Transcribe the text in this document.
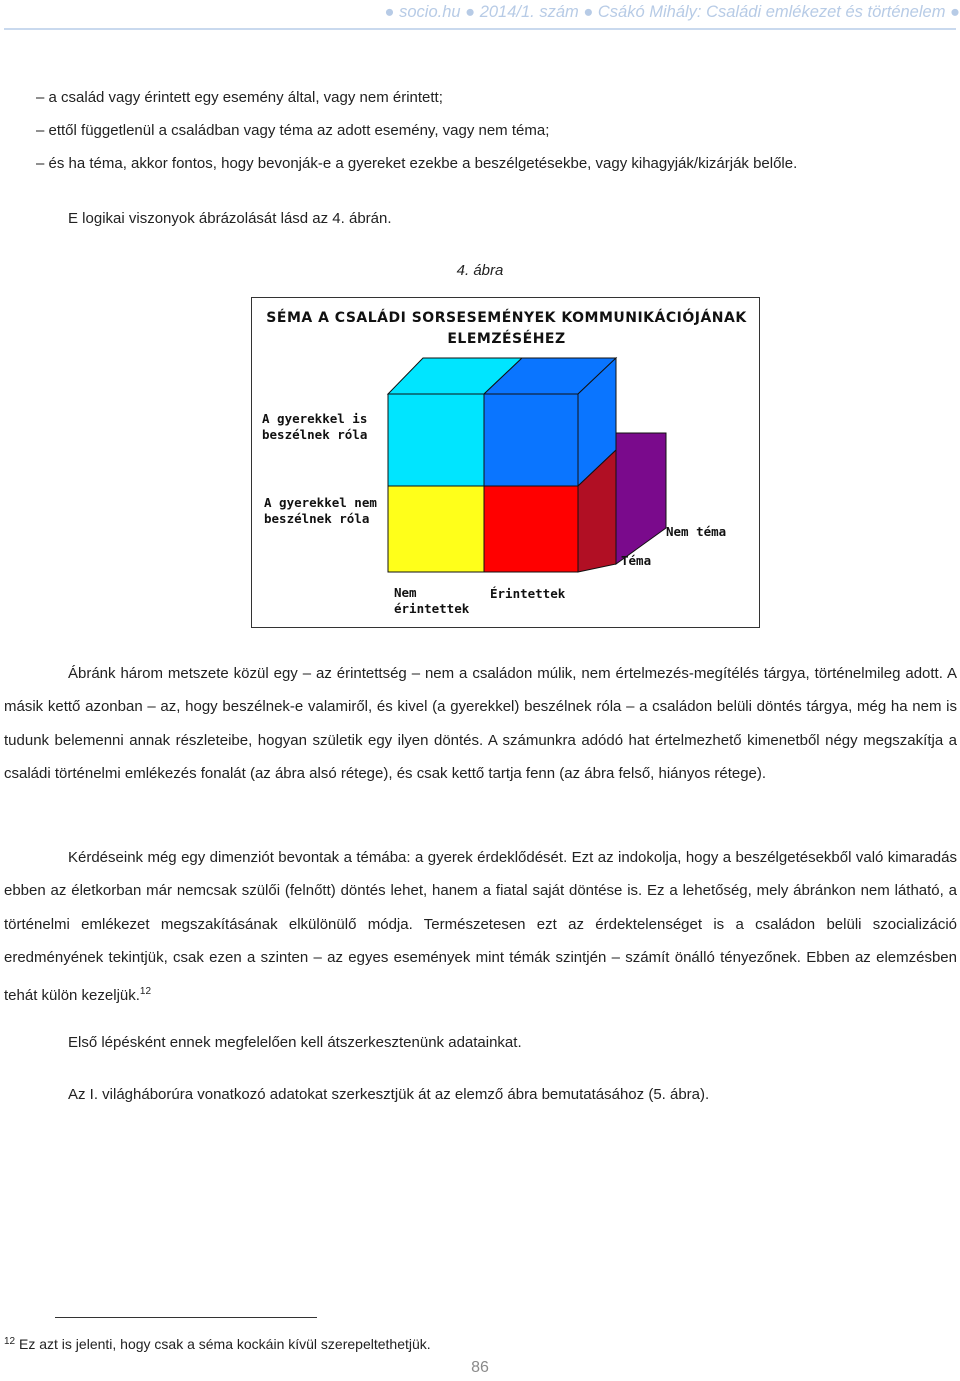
● socio.hu ● 2014/1. szám ● Csákó Mihály: Családi emlékezet és történelem ●
– a család vagy érintett egy esemény által, vagy nem érintett;
– ettől függetlenül a családban vagy téma az adott esemény, vagy nem téma;
– és ha téma, akkor fontos, hogy bevonják-e a gyereket ezekbe a beszélgetésekbe, vagy kihagyják/kizárják belőle.
E logikai viszonyok ábrázolását lásd az 4. ábrán.
4. ábra
SÉMA A CSALÁDI SORSESEMÉNYEK KOMMUNIKÁCIÓJÁNAK
ELEMZÉSÉHEZ
A gyerekkel is
beszélnek róla
A gyerekkel nem
beszélnek róla
Nem téma
Téma
Nem
érintettek
Érintettek

Ábránk három metszete közül egy – az érintettség – nem a családon múlik, nem értelmezés-megítélés tárgya, történelmileg adott. A másik kettő azonban – az, hogy beszélnek-e valamiről, és kivel (a gyerekkel) beszélnek róla – a családon belüli döntés tárgya, még ha nem is tudunk belemenni annak részleteibe, hogyan születik egy ilyen döntés. A számunkra adódó hat értelmezhető kimenetből négy megszakítja a családi történelmi emlékezés fonalát (az ábra alsó rétege), és csak kettő tartja fenn (az ábra felső, hiányos rétege).

Kérdéseink még egy dimenziót bevontak a témába: a gyerek érdeklődését. Ezt az indokolja, hogy a beszélgetésekből való kimaradás ebben az életkorban már nemcsak szülői (felnőtt) döntés lehet, hanem a fiatal saját döntése is. Ez a lehetőség, mely ábránkon nem látható, a történelmi emlékezet megszakításának elkülönülő módja. Természetesen ezt az érdektelenséget is a családon belüli szocializáció eredményének tekintjük, csak ezen a szinten – az egyes események mint témák szintjén – számít önálló tényezőnek. Ebben az elemzésben tehát külön kezeljük.$^{12}$

Első lépésként ennek megfelelően kell átszerkesztenünk adatainkat.
Az I. világháborúra vonatkozó adatokat szerkesztjük át az elemző ábra bemutatásához (5. ábra).
$^{12}$ Ez azt is jelenti, hogy csak a séma kockáin kívül szerepeltethetjük.
86
